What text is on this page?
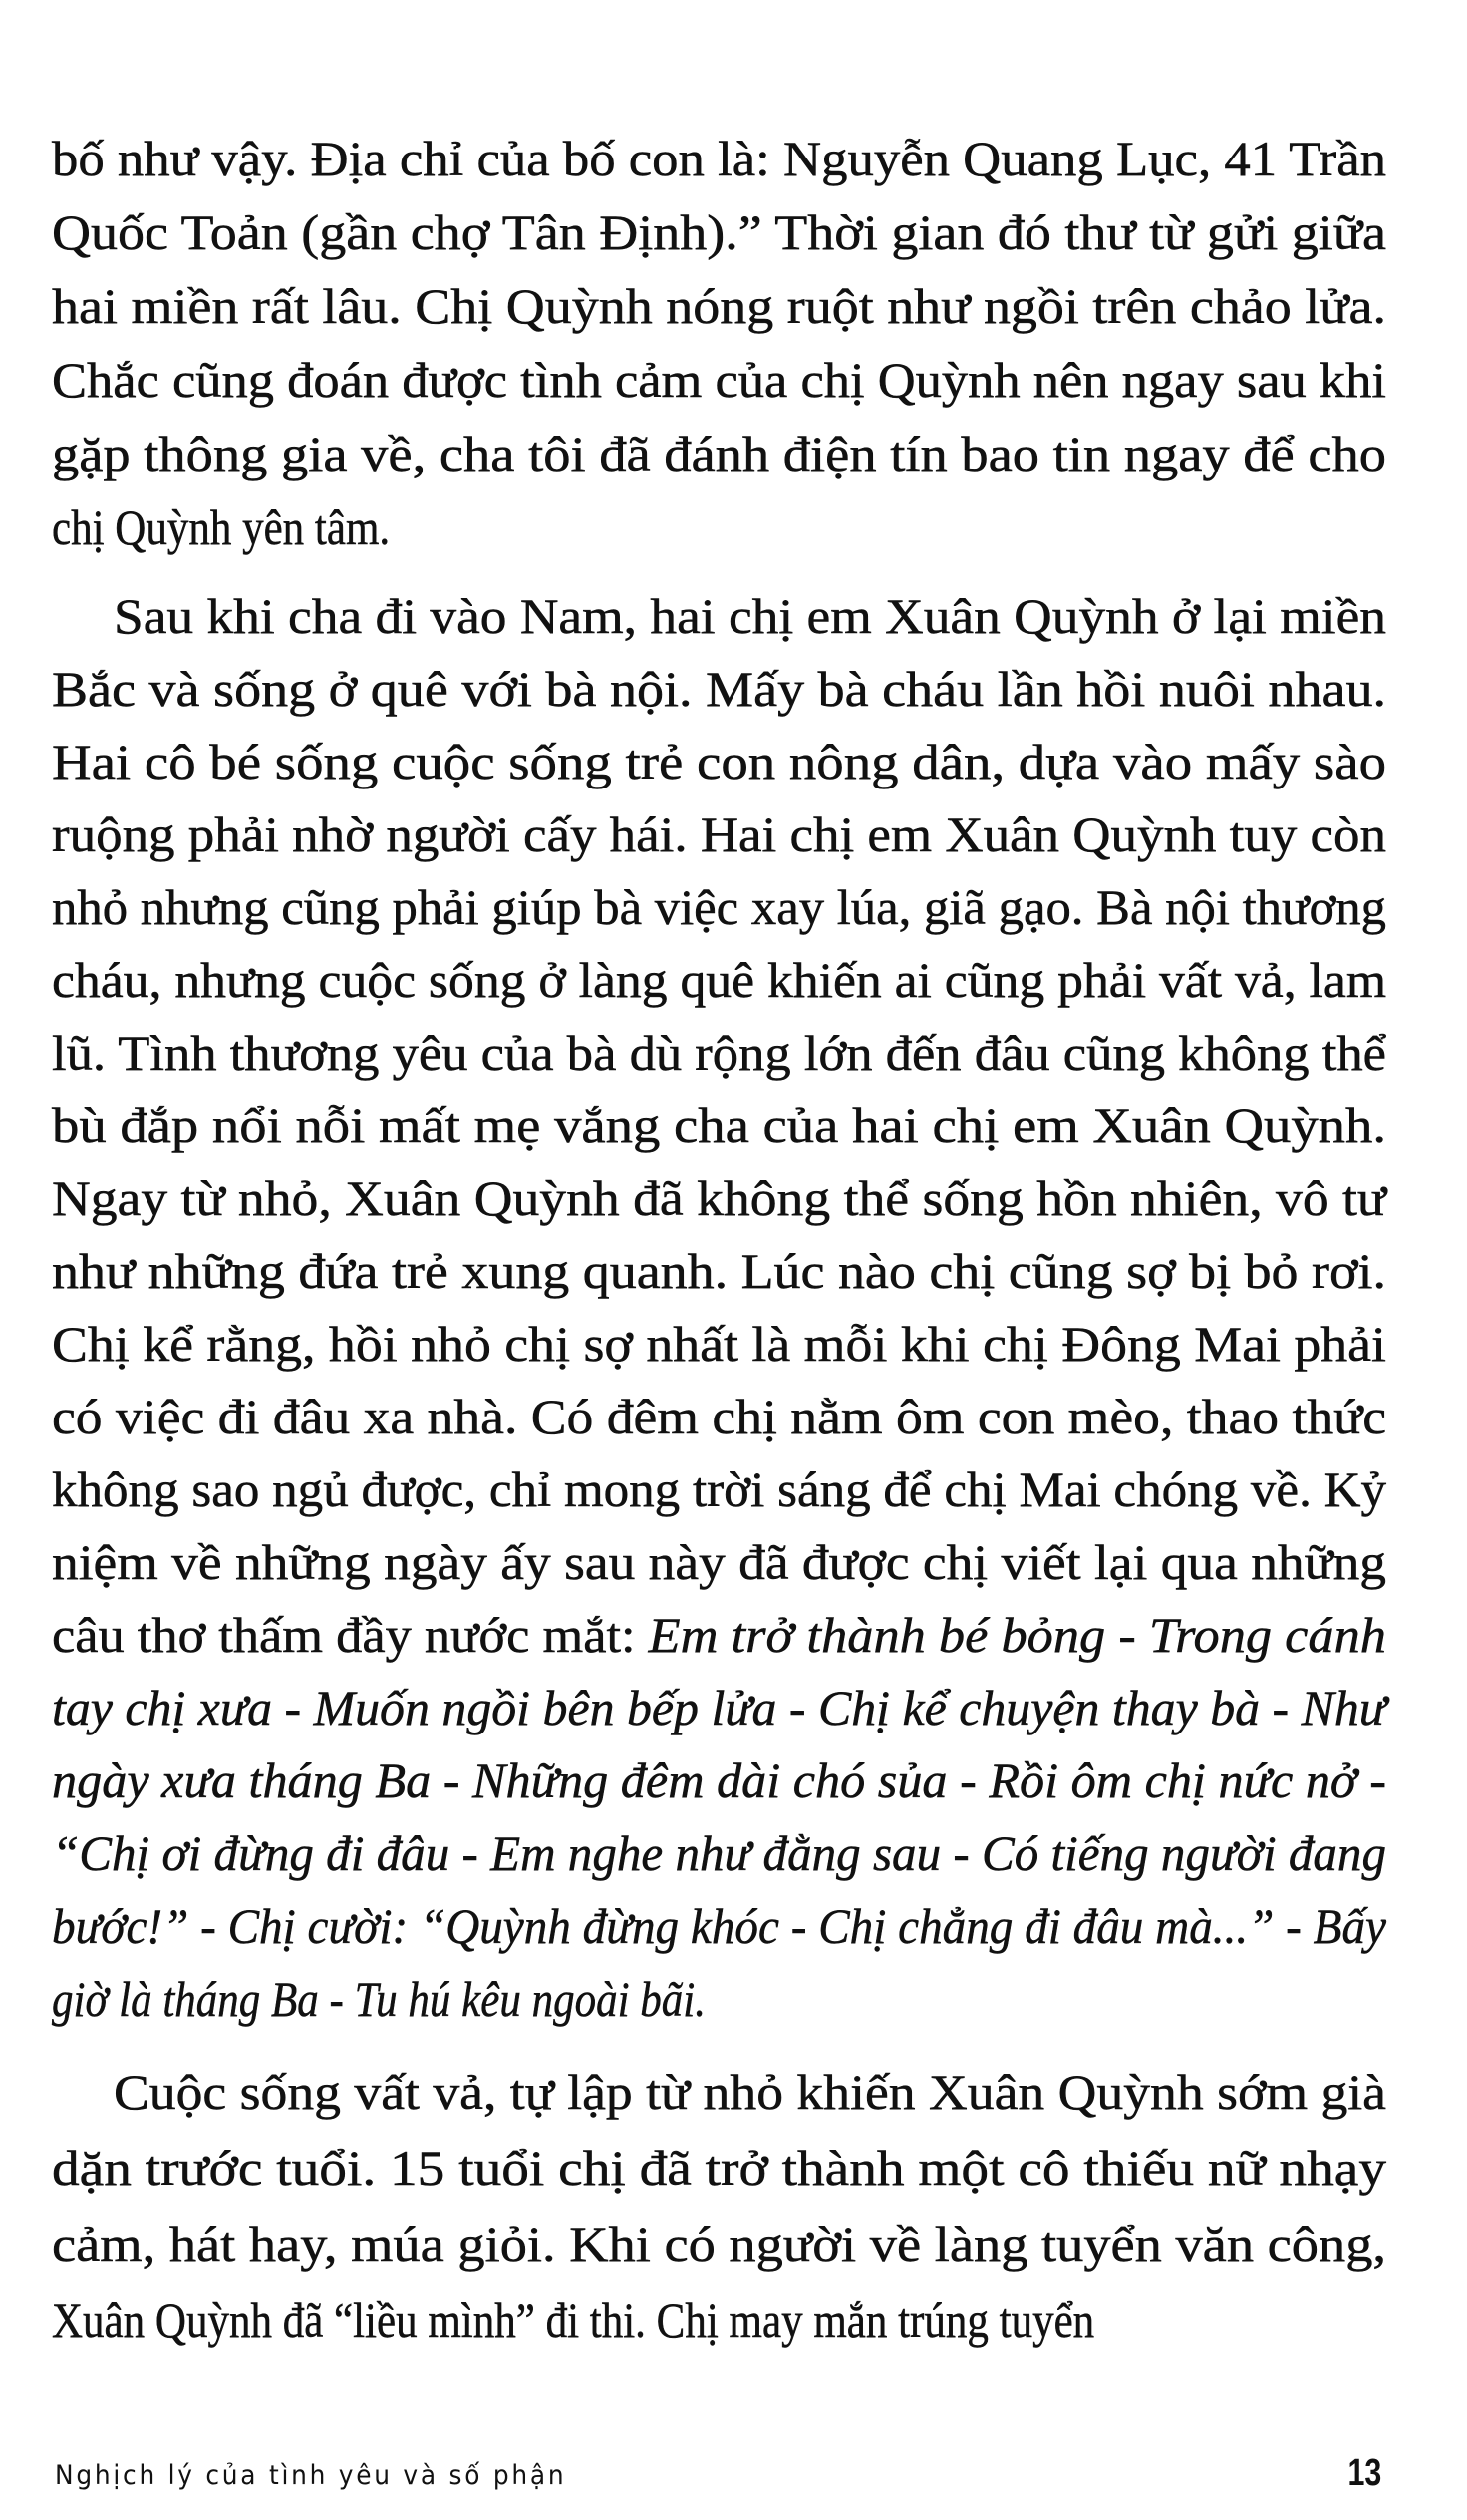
bố như vậy. Địa chỉ của bố con là: Nguyễn Quang Lục, 41 Trần
Quốc Toản (gần chợ Tân Định).” Thời gian đó thư từ gửi giữa
hai miền rất lâu. Chị Quỳnh nóng ruột như ngồi trên chảo lửa.
Chắc cũng đoán được tình cảm của chị Quỳnh nên ngay sau khi
gặp thông gia về, cha tôi đã đánh điện tín bao tin ngay để cho
chị Quỳnh yên tâm.
Sau khi cha đi vào Nam, hai chị em Xuân Quỳnh ở lại miền
Bắc và sống ở quê với bà nội. Mấy bà cháu lần hồi nuôi nhau.
Hai cô bé sống cuộc sống trẻ con nông dân, dựa vào mấy sào
ruộng phải nhờ người cấy hái. Hai chị em Xuân Quỳnh tuy còn
nhỏ nhưng cũng phải giúp bà việc xay lúa, giã gạo. Bà nội thương
cháu, nhưng cuộc sống ở làng quê khiến ai cũng phải vất vả, lam
lũ. Tình thương yêu của bà dù rộng lớn đến đâu cũng không thể
bù đắp nổi nỗi mất mẹ vắng cha của hai chị em Xuân Quỳnh.
Ngay từ nhỏ, Xuân Quỳnh đã không thể sống hồn nhiên, vô tư
như những đứa trẻ xung quanh. Lúc nào chị cũng sợ bị bỏ rơi.
Chị kể rằng, hồi nhỏ chị sợ nhất là mỗi khi chị Đông Mai phải
có việc đi đâu xa nhà. Có đêm chị nằm ôm con mèo, thao thức
không sao ngủ được, chỉ mong trời sáng để chị Mai chóng về. Kỷ
niệm về những ngày ấy sau này đã được chị viết lại qua những
câu thơ thấm đầy nước mắt: Em trở thành bé bỏng - Trong cánh
tay chị xưa - Muốn ngồi bên bếp lửa - Chị kể chuyện thay bà - Như
ngày xưa tháng Ba - Những đêm dài chó sủa - Rồi ôm chị nức nở -
“Chị ơi đừng đi đâu - Em nghe như đằng sau - Có tiếng người đang
bước!” - Chị cười: “Quỳnh đừng khóc - Chị chẳng đi đâu mà...” - Bấy
giờ là tháng Ba - Tu hú kêu ngoài bãi.
Cuộc sống vất vả, tự lập từ nhỏ khiến Xuân Quỳnh sớm già
dặn trước tuổi. 15 tuổi chị đã trở thành một cô thiếu nữ nhạy
cảm, hát hay, múa giỏi. Khi có người về làng tuyển văn công,
Xuân Quỳnh đã “liều mình” đi thi. Chị may mắn trúng tuyển
Nghịch lý của tình yêu và số phận	13
